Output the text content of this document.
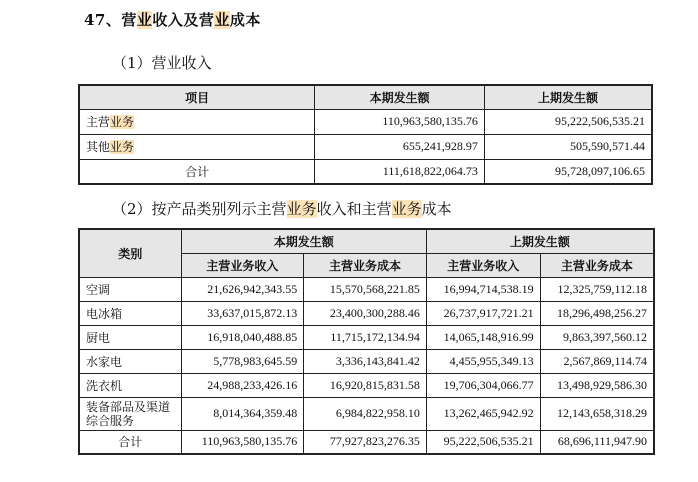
47、营业收入及营业成本
（1）营业收入
项目	本期发生额	上期发生额
主营业务	110,963,580,135.76	95,222,506,535.21
其他业务	655,241,928.97	505,590,571.44
合计	111,618,822,064.73	95,728,097,106.65
（2）按产品类别列示主营业务收入和主营业务成本
类别	本期发生额		上期发生额	
	主营业务收入	主营业务成本	主营业务收入	主营业务成本
空调	21,626,942,343.55	15,570,568,221.85	16,994,714,538.19	12,325,759,112.18
电冰箱	33,637,015,872.13	23,400,300,288.46	26,737,917,721.21	18,296,498,256.27
厨电	16,918,040,488.85	11,715,172,134.94	14,065,148,916.99	9,863,397,560.12
水家电	5,778,983,645.59	3,336,143,841.42	4,455,955,349.13	2,567,869,114.74
洗衣机	24,988,233,426.16	16,920,815,831.58	19,706,304,066.77	13,498,929,586.30
装备部品及渠道综合服务	8,014,364,359.48	6,984,822,958.10	13,262,465,942.92	12,143,658,318.29
合计	110,963,580,135.76	77,927,823,276.35	95,222,506,535.21	68,696,111,947.90
